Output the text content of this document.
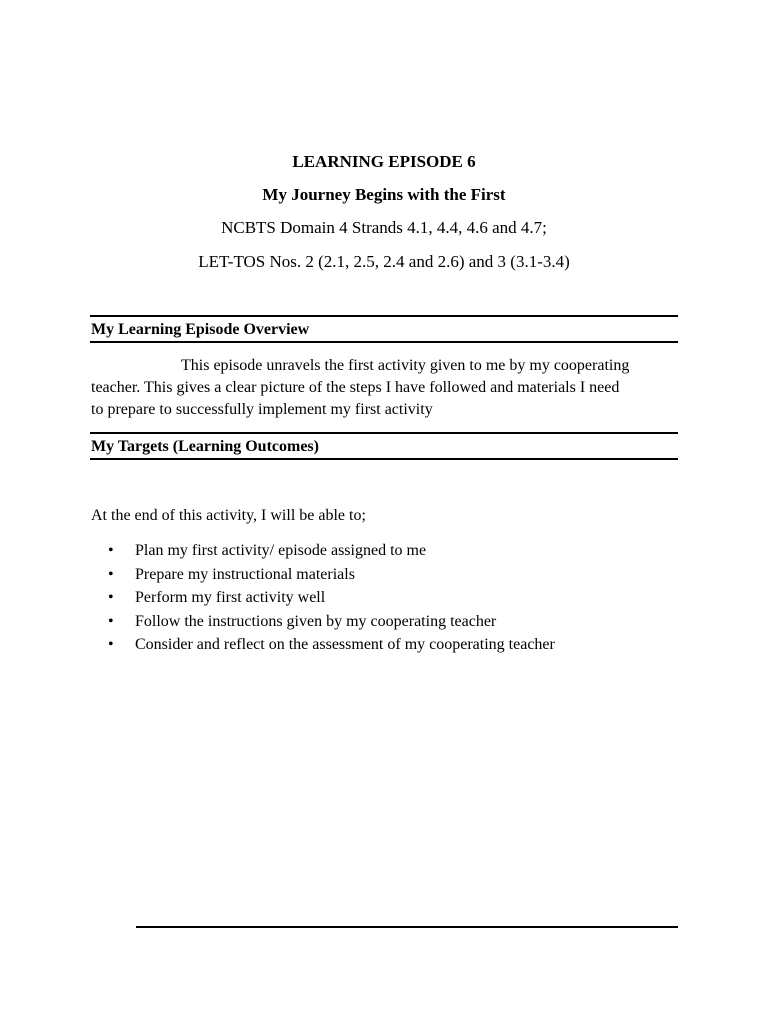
LEARNING EPISODE 6
My Journey Begins with the First
NCBTS Domain 4 Strands 4.1, 4.4, 4.6 and 4.7;
LET-TOS Nos. 2 (2.1, 2.5, 2.4 and 2.6) and 3 (3.1-3.4)
My Learning Episode Overview
This episode unravels the first activity given to me by my cooperating
teacher. This gives a clear picture of the steps I have followed and materials I need
to prepare to successfully implement my first activity
My Targets (Learning Outcomes)
At the end of this activity, I will be able to;
• Plan my first activity/ episode assigned to me
• Prepare my instructional materials
• Perform my first activity well
• Follow the instructions given by my cooperating teacher
• Consider and reflect on the assessment of my cooperating teacher
